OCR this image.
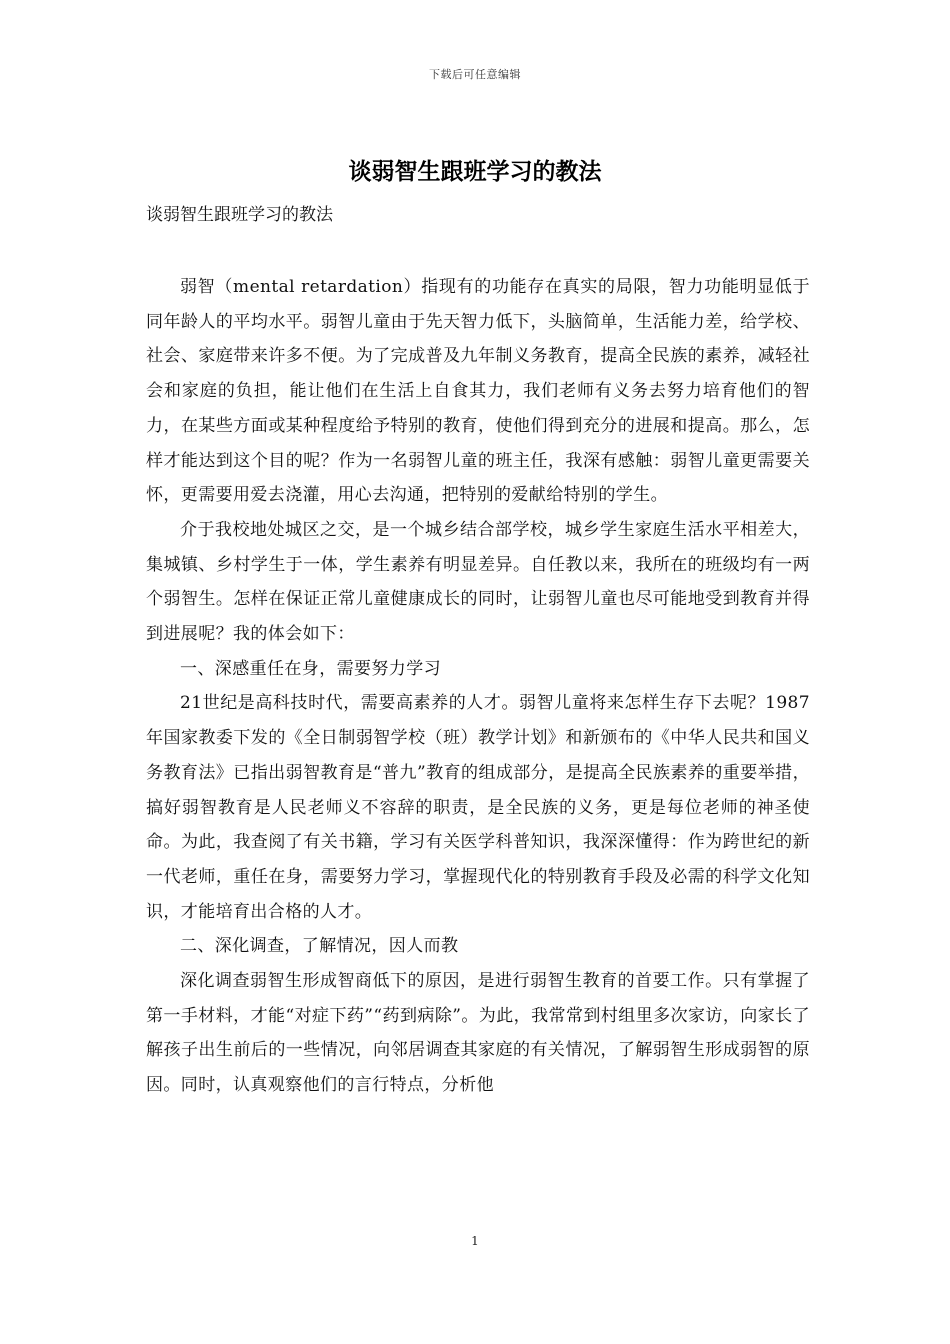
下载后可任意编辑
谈弱智生跟班学习的教法

谈弱智生跟班学习的教法

弱智（mental retardation）指现有的功能存在真实的局限，智力功能明显低于同年龄人的平均水平。弱智儿童由于先天智力低下，头脑简单，生活能力差，给学校、社会、家庭带来许多不便。为了完成普及九年制义务教育，提高全民族的素养，减轻社会和家庭的负担，能让他们在生活上自食其力，我们老师有义务去努力培育他们的智力，在某些方面或某种程度给予特别的教育，使他们得到充分的进展和提高。那么，怎样才能达到这个目的呢？作为一名弱智儿童的班主任，我深有感触：弱智儿童更需要关怀，更需要用爱去浇灌，用心去沟通，把特别的爱献给特别的学生。

介于我校地处城区之交，是一个城乡结合部学校，城乡学生家庭生活水平相差大，集城镇、乡村学生于一体，学生素养有明显差异。自任教以来，我所在的班级均有一两个弱智生。怎样在保证正常儿童健康成长的同时，让弱智儿童也尽可能地受到教育并得到进展呢？我的体会如下：

一、深感重任在身，需要努力学习

21世纪是高科技时代，需要高素养的人才。弱智儿童将来怎样生存下去呢？1987年国家教委下发的《全日制弱智学校（班）教学计划》和新颁布的《中华人民共和国义务教育法》已指出弱智教育是“普九”教育的组成部分，是提高全民族素养的重要举措，搞好弱智教育是人民老师义不容辞的职责，是全民族的义务，更是每位老师的神圣使命。为此，我查阅了有关书籍，学习有关医学科普知识，我深深懂得：作为跨世纪的新一代老师，重任在身，需要努力学习，掌握现代化的特别教育手段及必需的科学文化知识，才能培育出合格的人才。

二、深化调查，了解情况，因人而教

深化调查弱智生形成智商低下的原因，是进行弱智生教育的首要工作。只有掌握了第一手材料，才能“对症下药”“药到病除”。为此，我常常到村组里多次家访，向家长了解孩子出生前后的一些情况，向邻居调查其家庭的有关情况，了解弱智生形成弱智的原因。同时，认真观察他们的言行特点，分析他

1
